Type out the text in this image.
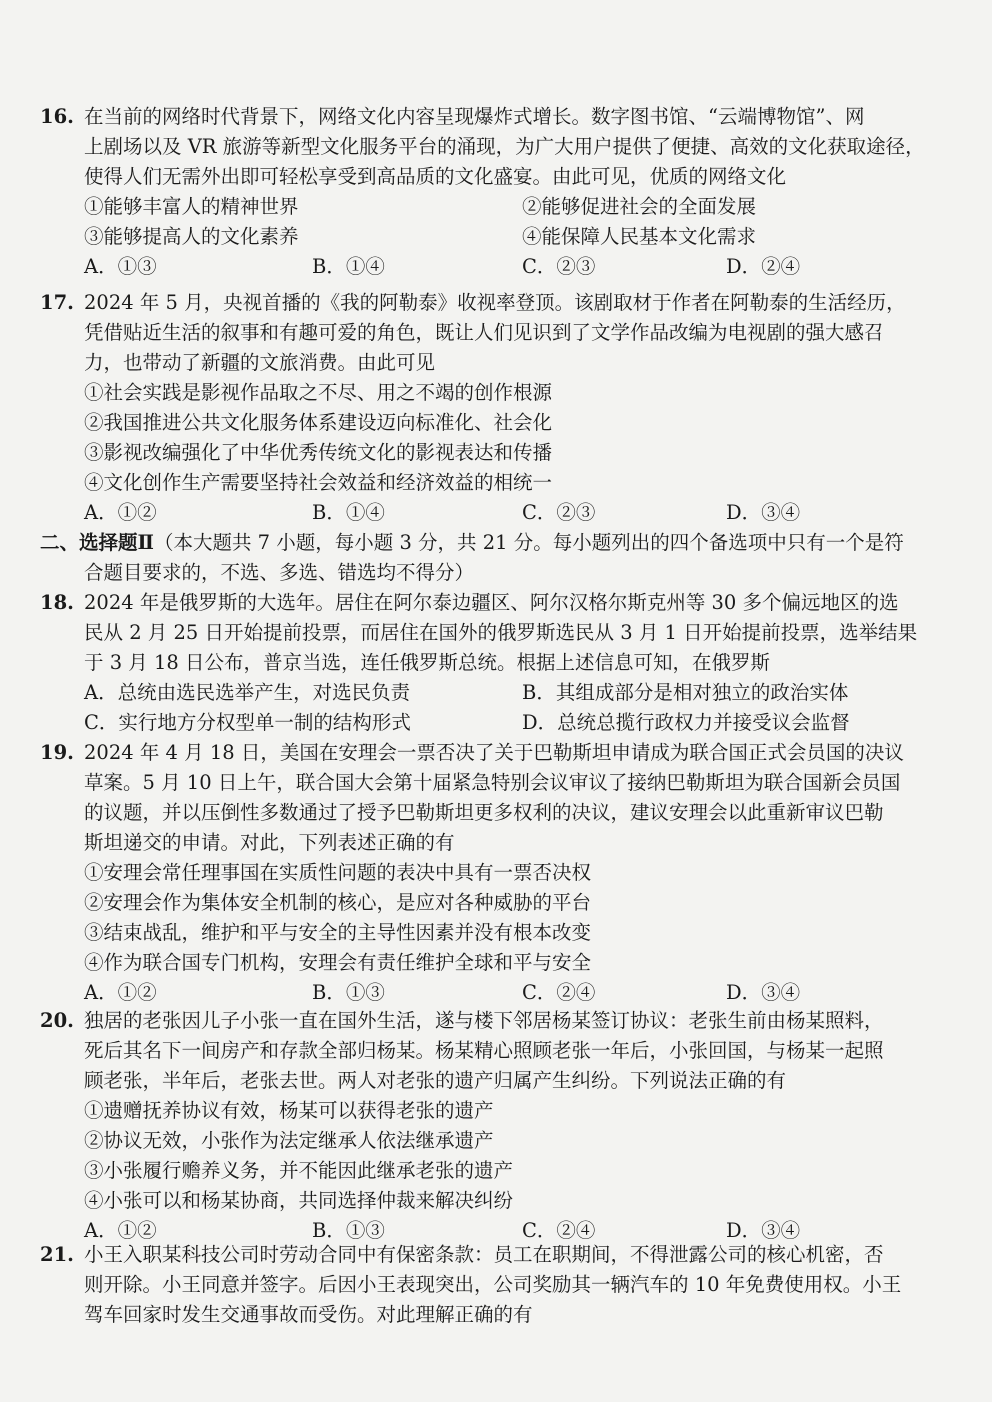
16. 在当前的网络时代背景下，网络文化内容呈现爆炸式增长。数字图书馆、“云端博物馆”、网
上剧场以及 VR 旅游等新型文化服务平台的涌现，为广大用户提供了便捷、高效的文化获取途径，
使得人们无需外出即可轻松享受到高品质的文化盛宴。由此可见，优质的网络文化
①能够丰富人的精神世界	②能够促进社会的全面发展
③能够提高人的文化素养	④能保障人民基本文化需求
A．①③	B．①④	C．②③	D．②④
17. 2024 年 5 月，央视首播的《我的阿勒泰》收视率登顶。该剧取材于作者在阿勒泰的生活经历，
凭借贴近生活的叙事和有趣可爱的角色，既让人们见识到了文学作品改编为电视剧的强大感召
力，也带动了新疆的文旅消费。由此可见
①社会实践是影视作品取之不尽、用之不竭的创作根源
②我国推进公共文化服务体系建设迈向标准化、社会化
③影视改编强化了中华优秀传统文化的影视表达和传播
④文化创作生产需要坚持社会效益和经济效益的相统一
A．①②	B．①④	C．②③	D．③④
二、选择题Ⅱ（本大题共 7 小题，每小题 3 分，共 21 分。每小题列出的四个备选项中只有一个是符
合题目要求的，不选、多选、错选均不得分）
18. 2024 年是俄罗斯的大选年。居住在阿尔泰边疆区、阿尔汉格尔斯克州等 30 多个偏远地区的选
民从 2 月 25 日开始提前投票，而居住在国外的俄罗斯选民从 3 月 1 日开始提前投票，选举结果
于 3 月 18 日公布，普京当选，连任俄罗斯总统。根据上述信息可知，在俄罗斯
A．总统由选民选举产生，对选民负责	B．其组成部分是相对独立的政治实体
C．实行地方分权型单一制的结构形式	D．总统总揽行政权力并接受议会监督
19. 2024 年 4 月 18 日，美国在安理会一票否决了关于巴勒斯坦申请成为联合国正式会员国的决议
草案。5 月 10 日上午，联合国大会第十届紧急特别会议审议了接纳巴勒斯坦为联合国新会员国
的议题，并以压倒性多数通过了授予巴勒斯坦更多权利的决议，建议安理会以此重新审议巴勒
斯坦递交的申请。对此，下列表述正确的有
①安理会常任理事国在实质性问题的表决中具有一票否决权
②安理会作为集体安全机制的核心，是应对各种威胁的平台
③结束战乱，维护和平与安全的主导性因素并没有根本改变
④作为联合国专门机构，安理会有责任维护全球和平与安全
A．①②	B．①③	C．②④	D．③④
20. 独居的老张因儿子小张一直在国外生活，遂与楼下邻居杨某签订协议：老张生前由杨某照料，
死后其名下一间房产和存款全部归杨某。杨某精心照顾老张一年后，小张回国，与杨某一起照
顾老张，半年后，老张去世。两人对老张的遗产归属产生纠纷。下列说法正确的有
①遗赠抚养协议有效，杨某可以获得老张的遗产
②协议无效，小张作为法定继承人依法继承遗产
③小张履行赡养义务，并不能因此继承老张的遗产
④小张可以和杨某协商，共同选择仲裁来解决纠纷
A．①②	B．①③	C．②④	D．③④
21. 小王入职某科技公司时劳动合同中有保密条款：员工在职期间，不得泄露公司的核心机密，否
则开除。小王同意并签字。后因小王表现突出，公司奖励其一辆汽车的 10 年免费使用权。小王
驾车回家时发生交通事故而受伤。对此理解正确的有
